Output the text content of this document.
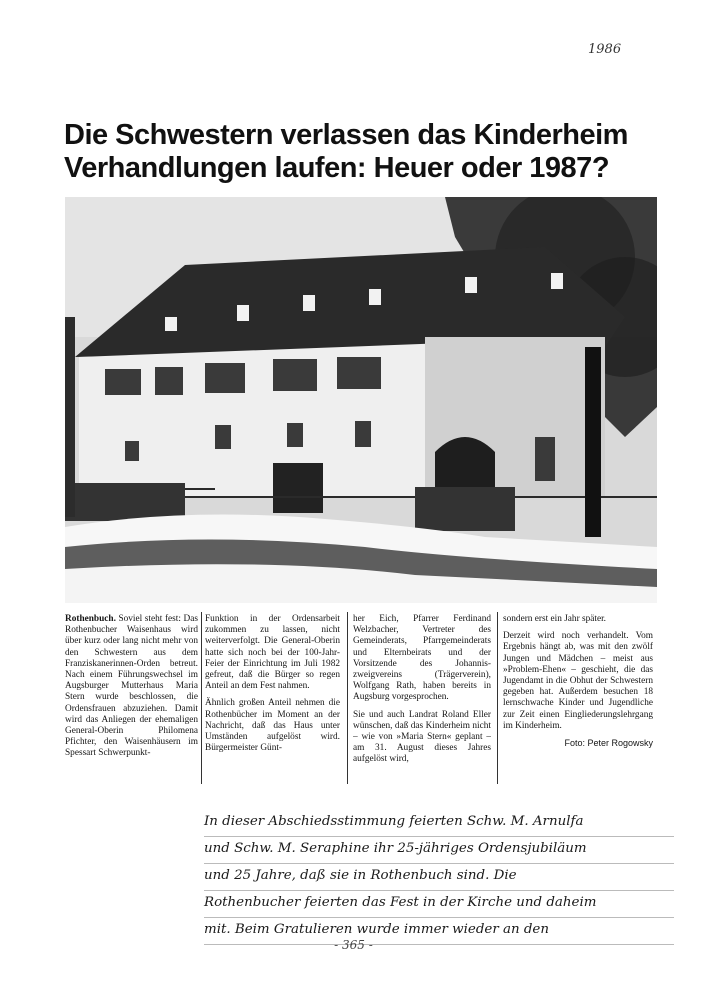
1986
Die Schwestern verlassen das Kinderheim
Verhandlungen laufen: Heuer oder 1987?

Rothenbuch. Soviel steht fest: Das Rothenbucher Waisenhaus wird über kurz oder lang nicht mehr von den Schwestern aus dem Franziskanerinnen-Orden betreut. Nach einem Führungswechsel im Augsburger Mutterhaus Maria Stern wurde beschlossen, die Ordensfrauen abzuziehen. Damit wird das Anliegen der ehemaligen General-Oberin Philomena Pfichter, den Waisenhäusern im Spessart Schwerpunkt-

Funktion in der Ordensarbeit zukommen zu lassen, nicht weiterverfolgt. Die General-Oberin hatte sich noch bei der 100-Jahr-Feier der Einrichtung im Juli 1982 gefreut, daß die Bürger so regen Anteil an dem Fest nahmen.

Ähnlich großen Anteil nehmen die Rothenbücher im Moment an der Nachricht, daß das Haus unter Umständen aufgelöst wird. Bürgermeister Günt-

her Eich, Pfarrer Ferdinand Welzbacher, Vertreter des Gemeinderats, Pfarrgemeinderats und Elternbeirats und der Vorsitzende des Johannis-zweigvereins (Trägerverein), Wolfgang Rath, haben bereits in Augsburg vorgesprochen.

Sie und auch Landrat Roland Eller wünschen, daß das Kinderheim nicht – wie von »Maria Stern« geplant – am 31. August dieses Jahres aufgelöst wird,

sondern erst ein Jahr später.

Derzeit wird noch verhandelt. Vom Ergebnis hängt ab, was mit den zwölf Jungen und Mädchen – meist aus »Problem-Ehen« – geschieht, die das Jugendamt in die Obhut der Schwestern gegeben hat. Außerdem besuchen 18 lernschwache Kinder und Jugendliche zur Zeit einen Eingliederungslehrgang im Kinderheim.

Foto: Peter Rogowsky
In dieser Abschiedsstimmung feierten Schw. M. Arnulfa
und Schw. M. Seraphine ihr 25-jähriges Ordensjubiläum
und 25 Jahre, daß sie in Rothenbuch sind. Die
Rothenbucher feierten das Fest in der Kirche und daheim
mit. Beim Gratulieren wurde immer wieder an den
- 365 -
